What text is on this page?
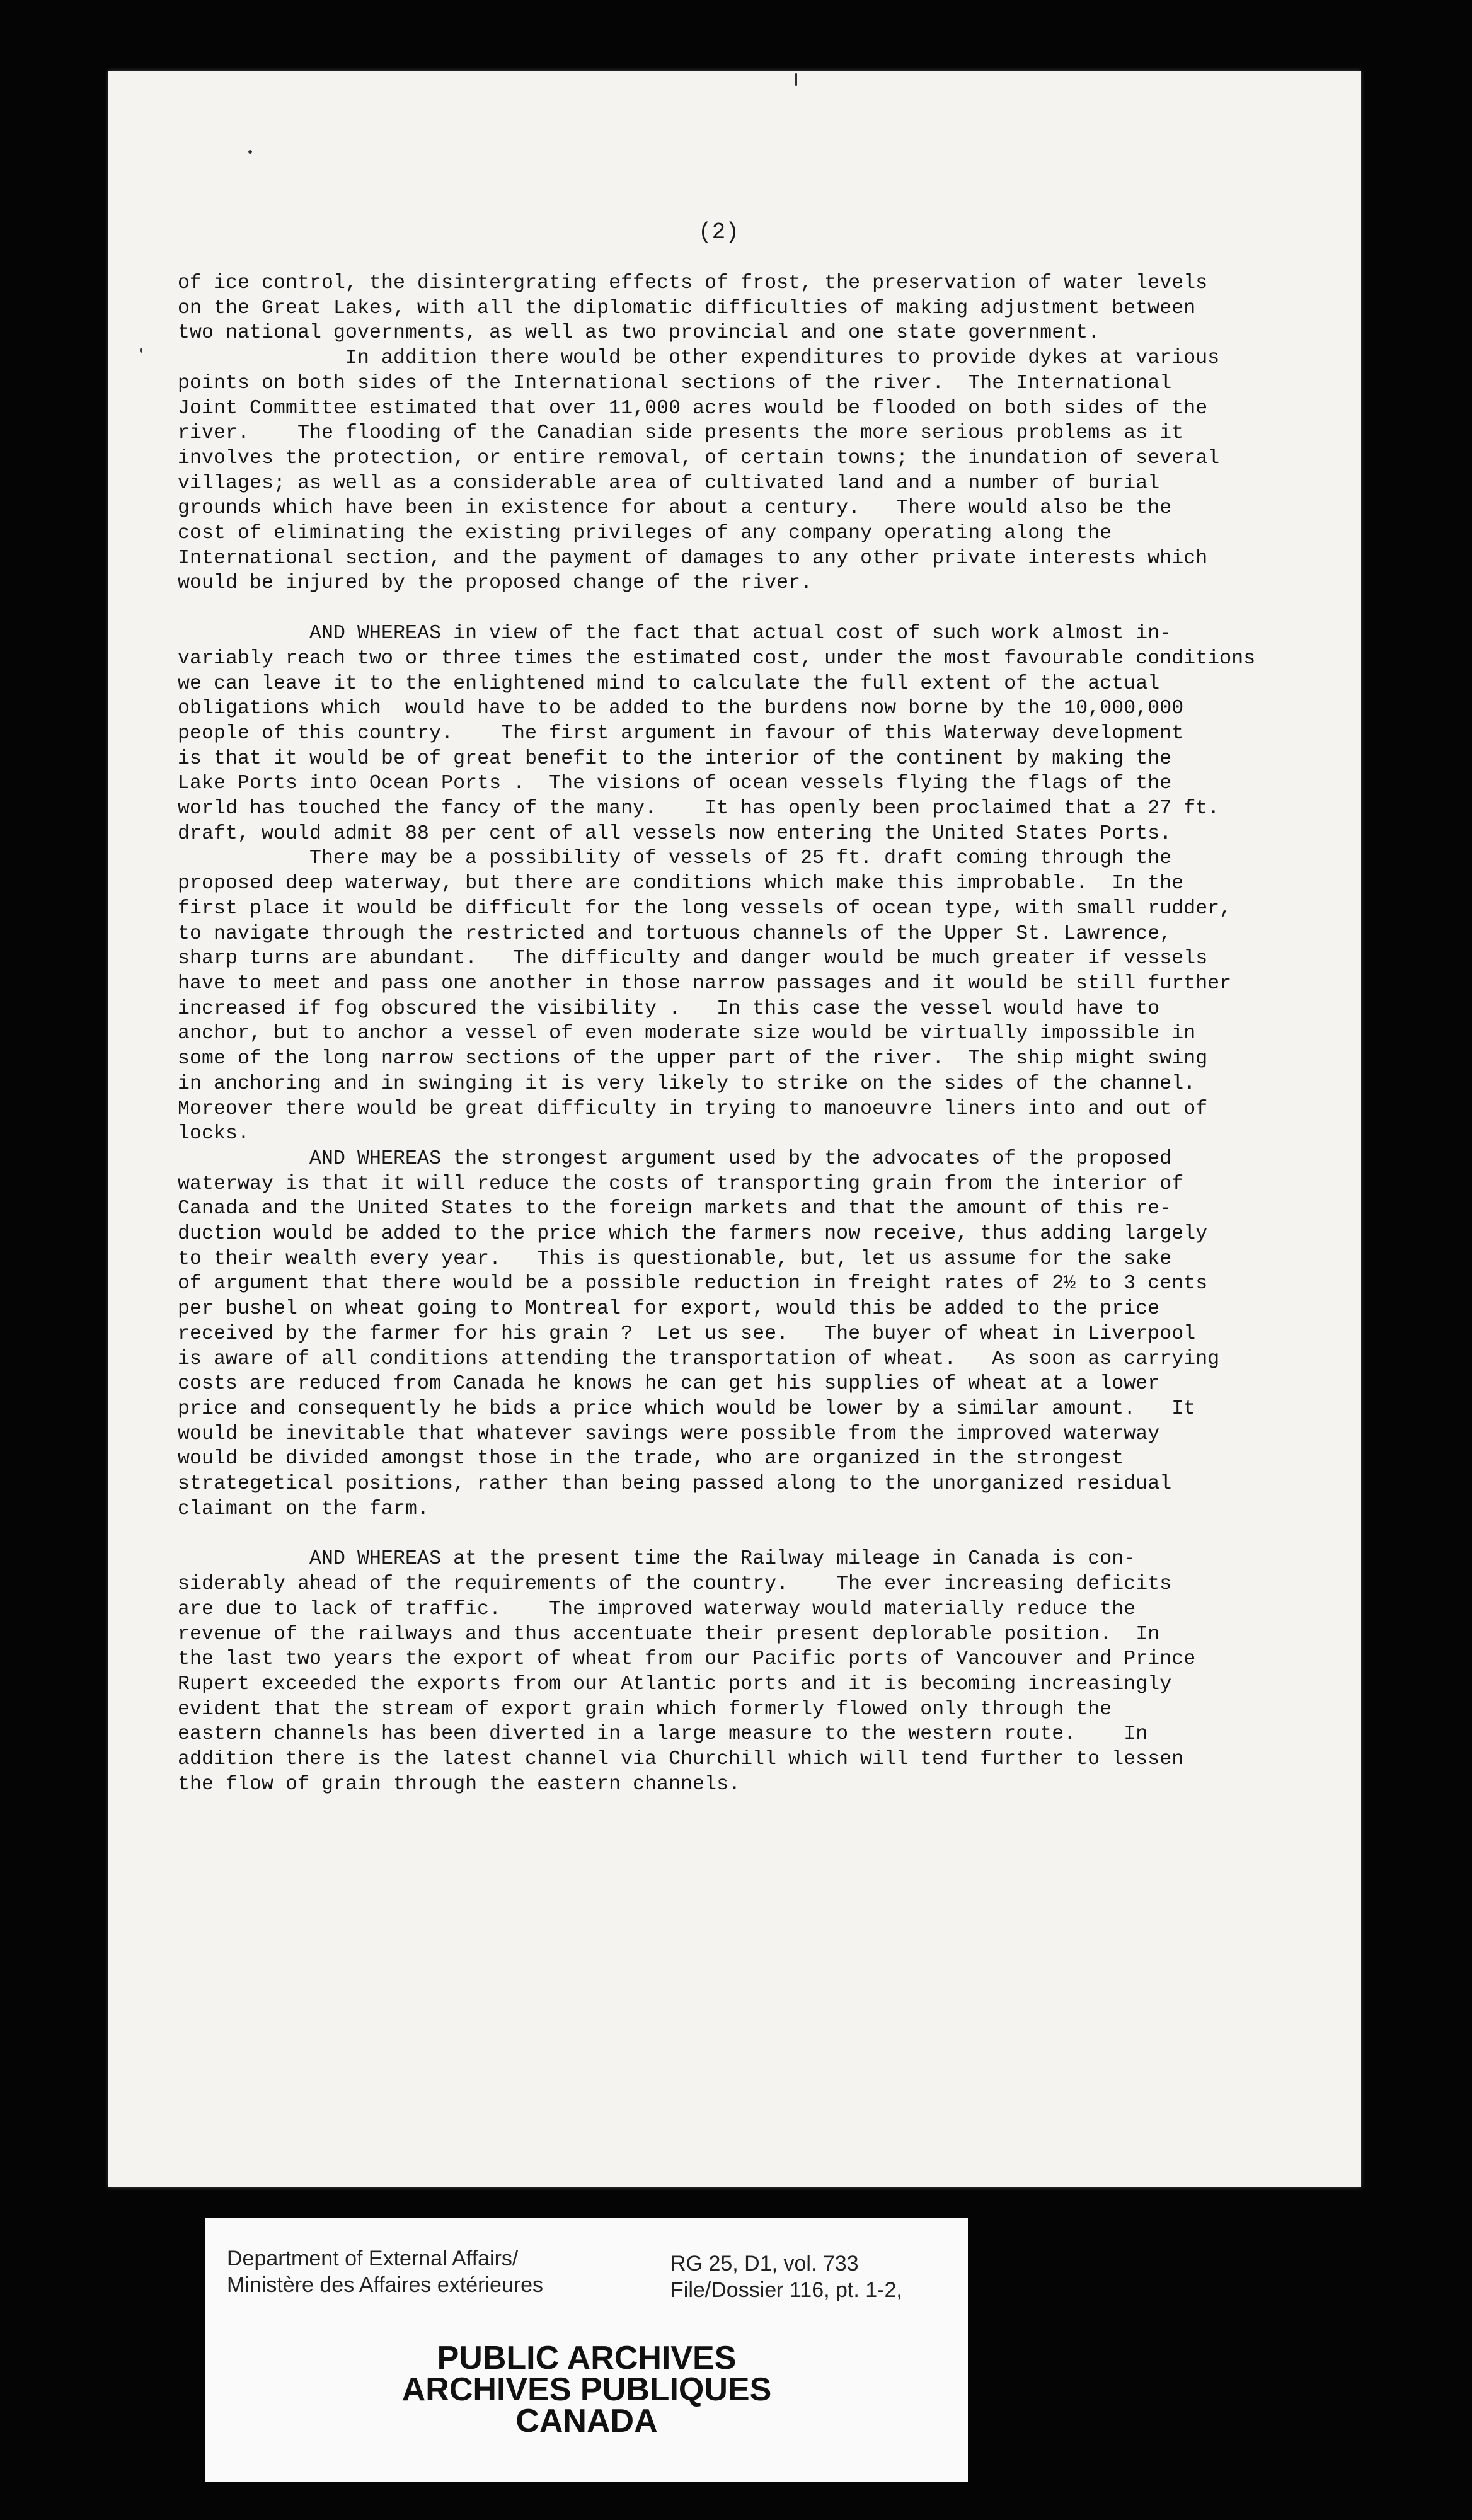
(2)
of ice control, the disintergrating effects of frost, the preservation of water levels
on the Great Lakes, with all the diplomatic difficulties of making adjustment between
two national governments, as well as two provincial and one state government.
In addition there would be other expenditures to provide dykes at various
points on both sides of the International sections of the river.  The International
Joint Committee estimated that over 11,000 acres would be flooded on both sides of the
river.    The flooding of the Canadian side presents the more serious problems as it
involves the protection, or entire removal, of certain towns; the inundation of several
villages; as well as a considerable area of cultivated land and a number of burial
grounds which have been in existence for about a century.   There would also be the
cost of eliminating the existing privileges of any company operating along the
International section, and the payment of damages to any other private interests which
would be injured by the proposed change of the river.
AND WHEREAS in view of the fact that actual cost of such work almost in-
variably reach two or three times the estimated cost, under the most favourable conditions
we can leave it to the enlightened mind to calculate the full extent of the actual
obligations which  would have to be added to the burdens now borne by the 10,000,000
people of this country.    The first argument in favour of this Waterway development
is that it would be of great benefit to the interior of the continent by making the
Lake Ports into Ocean Ports .  The visions of ocean vessels flying the flags of the
world has touched the fancy of the many.    It has openly been proclaimed that a 27 ft.
draft, would admit 88 per cent of all vessels now entering the United States Ports.
There may be a possibility of vessels of 25 ft. draft coming through the
proposed deep waterway, but there are conditions which make this improbable.  In the
first place it would be difficult for the long vessels of ocean type, with small rudder,
to navigate through the restricted and tortuous channels of the Upper St. Lawrence,
sharp turns are abundant.   The difficulty and danger would be much greater if vessels
have to meet and pass one another in those narrow passages and it would be still further
increased if fog obscured the visibility .   In this case the vessel would have to
anchor, but to anchor a vessel of even moderate size would be virtually impossible in
some of the long narrow sections of the upper part of the river.  The ship might swing
in anchoring and in swinging it is very likely to strike on the sides of the channel.
Moreover there would be great difficulty in trying to manoeuvre liners into and out of
locks.
AND WHEREAS the strongest argument used by the advocates of the proposed
waterway is that it will reduce the costs of transporting grain from the interior of
Canada and the United States to the foreign markets and that the amount of this re-
duction would be added to the price which the farmers now receive, thus adding largely
to their wealth every year.   This is questionable, but, let us assume for the sake
of argument that there would be a possible reduction in freight rates of 2½ to 3 cents
per bushel on wheat going to Montreal for export, would this be added to the price
received by the farmer for his grain ?  Let us see.   The buyer of wheat in Liverpool
is aware of all conditions attending the transportation of wheat.   As soon as carrying
costs are reduced from Canada he knows he can get his supplies of wheat at a lower
price and consequently he bids a price which would be lower by a similar amount.   It
would be inevitable that whatever savings were possible from the improved waterway
would be divided amongst those in the trade, who are organized in the strongest
strategetical positions, rather than being passed along to the unorganized residual
claimant on the farm.
AND WHEREAS at the present time the Railway mileage in Canada is con-
siderably ahead of the requirements of the country.    The ever increasing deficits
are due to lack of traffic.    The improved waterway would materially reduce the
revenue of the railways and thus accentuate their present deplorable position.  In
the last two years the export of wheat from our Pacific ports of Vancouver and Prince
Rupert exceeded the exports from our Atlantic ports and it is becoming increasingly
evident that the stream of export grain which formerly flowed only through the
eastern channels has been diverted in a large measure to the western route.    In
addition there is the latest channel via Churchill which will tend further to lessen
the flow of grain through the eastern channels.
Department of External Affairs/
Ministère des Affaires extérieures
RG 25, D1, vol. 733
File/Dossier 116, pt. 1-2,
PUBLIC ARCHIVES
ARCHIVES PUBLIQUES
CANADA
